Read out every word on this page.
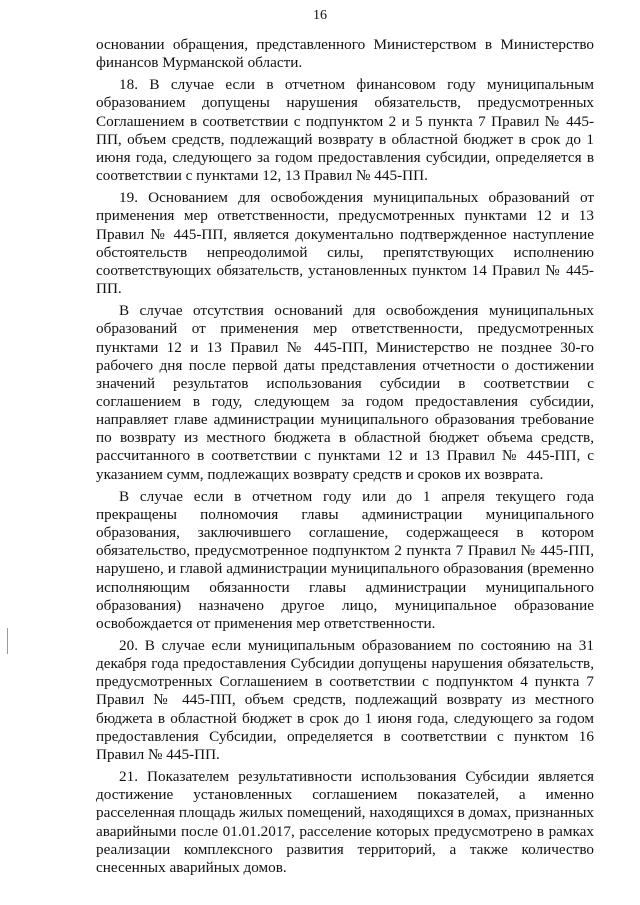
16

основании обращения, представленного Министерством в Министерство финансов Мурманской области.

18. В случае если в отчетном финансовом году муниципальным образованием допущены нарушения обязательств, предусмотренных Соглашением в соответствии с подпунктом 2 и 5 пункта 7 Правил № 445-ПП, объем средств, подлежащий возврату в областной бюджет в срок до 1 июня года, следующего за годом предоставления субсидии, определяется в соответствии с пунктами 12, 13 Правил № 445-ПП.

19. Основанием для освобождения муниципальных образований от применения мер ответственности, предусмотренных пунктами 12 и 13 Правил № 445-ПП, является документально подтвержденное наступление обстоятельств непреодолимой силы, препятствующих исполнению соответствующих обязательств, установленных пунктом 14 Правил № 445-ПП.

В случае отсутствия оснований для освобождения муниципальных образований от применения мер ответственности, предусмотренных пунктами 12 и 13 Правил № 445-ПП, Министерство не позднее 30-го рабочего дня после первой даты представления отчетности о достижении значений результатов использования субсидии в соответствии с соглашением в году, следующем за годом предоставления субсидии, направляет главе администрации муниципального образования требование по возврату из местного бюджета в областной бюджет объема средств, рассчитанного в соответствии с пунктами 12 и 13 Правил № 445-ПП, с указанием сумм, подлежащих возврату средств и сроков их возврата.

В случае если в отчетном году или до 1 апреля текущего года прекращены полномочия главы администрации муниципального образования, заключившего соглашение, содержащееся в котором обязательство, предусмотренное подпунктом 2 пункта 7 Правил № 445-ПП, нарушено, и главой администрации муниципального образования (временно исполняющим обязанности главы администрации муниципального образования) назначено другое лицо, муниципальное образование освобождается от применения мер ответственности.

20. В случае если муниципальным образованием по состоянию на 31 декабря года предоставления Субсидии допущены нарушения обязательств, предусмотренных Соглашением в соответствии с подпунктом 4 пункта 7 Правил № 445-ПП, объем средств, подлежащий возврату из местного бюджета в областной бюджет в срок до 1 июня года, следующего за годом предоставления Субсидии, определяется в соответствии с пунктом 16 Правил № 445-ПП.

21. Показателем результативности использования Субсидии является достижение установленных соглашением показателей, а именно расселенная площадь жилых помещений, находящихся в домах, признанных аварийными после 01.01.2017, расселение которых предусмотрено в рамках реализации комплексного развития территорий, а также количество снесенных аварийных домов.
